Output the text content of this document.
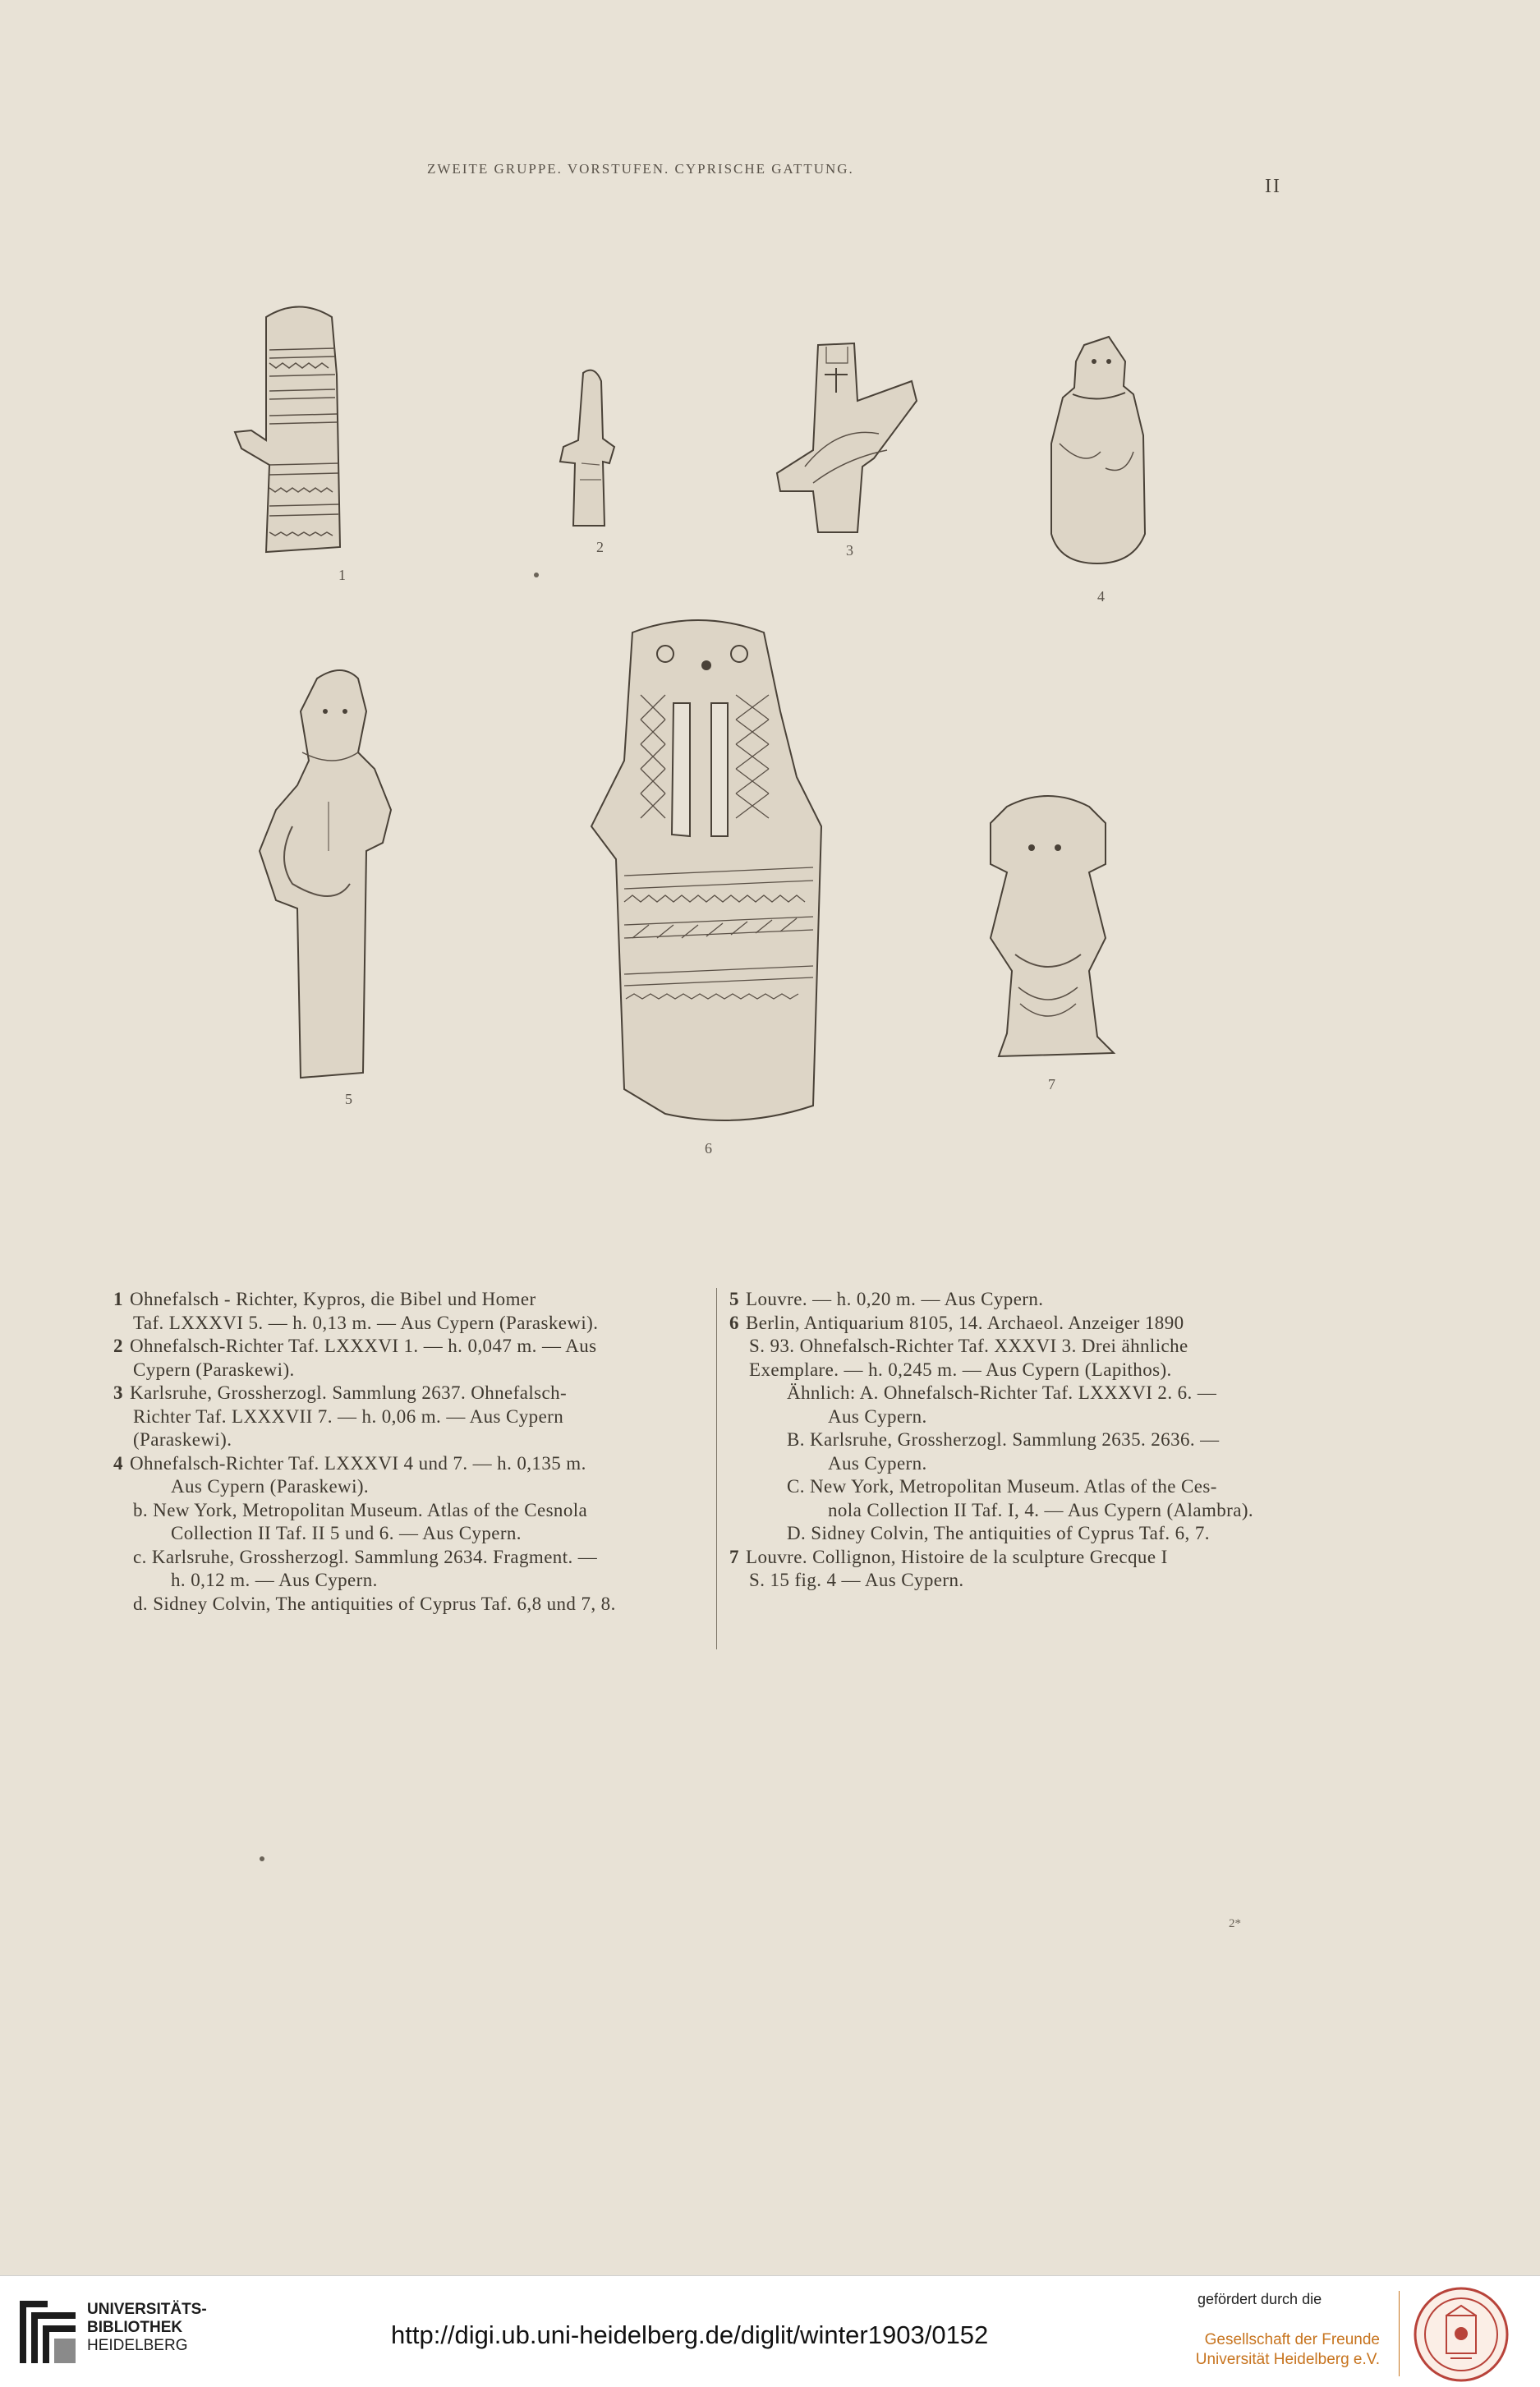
ZWEITE GRUPPE. VORSTUFEN. CYPRISCHE GATTUNG.
II
1
2	3
4
5
6
7
1 Ohnefalsch - Richter, Kypros, die Bibel und Homer
Taf. LXXXVI 5. — h. 0,13 m. — Aus Cypern (Paraskewi).
2 Ohnefalsch-Richter Taf. LXXXVI 1. — h. 0,047 m. — Aus
Cypern (Paraskewi).
3 Karlsruhe, Grossherzogl. Sammlung 2637. Ohnefalsch-
Richter Taf. LXXXVII 7. — h. 0,06 m. — Aus Cypern
(Paraskewi).
4 Ohnefalsch-Richter Taf. LXXXVI 4 und 7. — h. 0,135 m.
Aus Cypern (Paraskewi).
b. New York, Metropolitan Museum. Atlas of the Cesnola
Collection II Taf. II 5 und 6. — Aus Cypern.
c. Karlsruhe, Grossherzogl. Sammlung 2634. Fragment. —
h. 0,12 m. — Aus Cypern.
d. Sidney Colvin, The antiquities of Cyprus Taf. 6,8 und 7, 8.
5 Louvre. — h. 0,20 m. — Aus Cypern.
6 Berlin, Antiquarium 8105, 14. Archaeol. Anzeiger 1890
S. 93. Ohnefalsch-Richter Taf. XXXVI 3. Drei ähnliche
Exemplare. — h. 0,245 m. — Aus Cypern (Lapithos).
Ähnlich: A. Ohnefalsch-Richter Taf. LXXXVI 2. 6. —
Aus Cypern.
B. Karlsruhe, Grossherzogl. Sammlung 2635. 2636. —
Aus Cypern.
C. New York, Metropolitan Museum. Atlas of the Ces-
nola Collection II Taf. I, 4. — Aus Cypern (Alambra).
D. Sidney Colvin, The antiquities of Cyprus Taf. 6, 7.
7 Louvre. Collignon, Histoire de la sculpture Grecque I
S. 15 fig. 4 — Aus Cypern.
2*
UNIVERSITÄTS-
BIBLIOTHEK
HEIDELBERG	http://digi.ub.uni-heidelberg.de/diglit/winter1903/0152
gefördert durch die
Gesellschaft der Freunde
Universität Heidelberg e.V.
